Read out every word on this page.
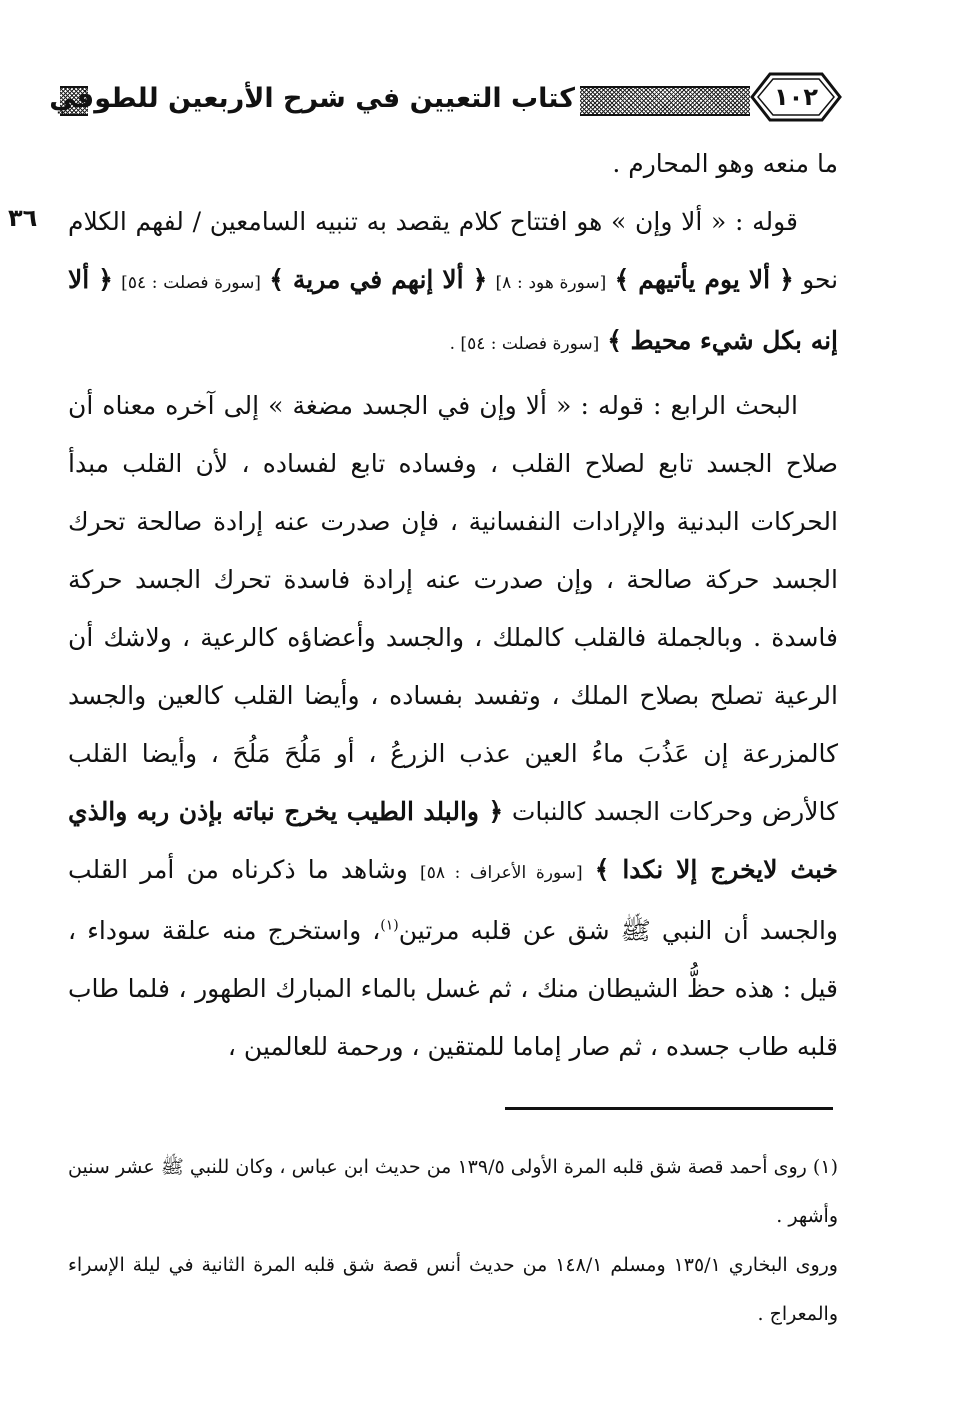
كتاب التعيين في شرح الأربعين للطوفي	١٠٢
٣٦

ما منعه وهو المحارم .

قوله : « ألا وإن » هو افتتاح كلام يقصد به تنبيه السامعين / لفهم الكلام نحو ﴿ ألا يوم يأتيهم ﴾ [سورة هود : ٨] ﴿ ألا إنهم في مرية ﴾ [سورة فصلت : ٥٤] ﴿ ألا إنه بكل شيء محيط ﴾ [سورة فصلت : ٥٤] .

البحث الرابع : قوله : « ألا وإن في الجسد مضغة » إلى آخره معناه أن صلاح الجسد تابع لصلاح القلب ، وفساده تابع لفساده ، لأن القلب مبدأ الحركات البدنية والإرادات النفسانية ، فإن صدرت عنه إرادة صالحة تحرك الجسد حركة صالحة ، وإن صدرت عنه إرادة فاسدة تحرك الجسد حركة فاسدة . وبالجملة فالقلب كالملك ، والجسد وأعضاؤه كالرعية ، ولاشك أن الرعية تصلح بصلاح الملك ، وتفسد بفساده ، وأيضا القلب كالعين والجسد كالمزرعة إن عَذُبَ ماءُ العين عذب الزرعُ ، أو مَلُحَ مَلُحَ ، وأيضا القلب كالأرض وحركات الجسد كالنبات ﴿ والبلد الطيب يخرج نباته بإذن ربه والذي خبث لايخرج إلا نكدا ﴾ [سورة الأعراف : ٥٨] وشاهد ما ذكرناه من أمر القلب والجسد أن النبي ﷺ شق عن قلبه مرتين$^{(١)}$، واستخرج منه علقة سوداء ، قيل : هذه حظُّ الشيطان منك ، ثم غسل بالماء المبارك الطهور ، فلما طاب قلبه طاب جسده ، ثم صار إماما للمتقين ، ورحمة للعالمين ،

(١) روى أحمد قصة شق قلبه المرة الأولى ١٣٩/٥ من حديث ابن عباس ، وكان للنبي ﷺ عشر سنين وأشهر .

وروى البخاري ١٣٥/١ ومسلم ١٤٨/١ من حديث أنس قصة شق قلبه المرة الثانية في ليلة الإسراء والمعراج .
